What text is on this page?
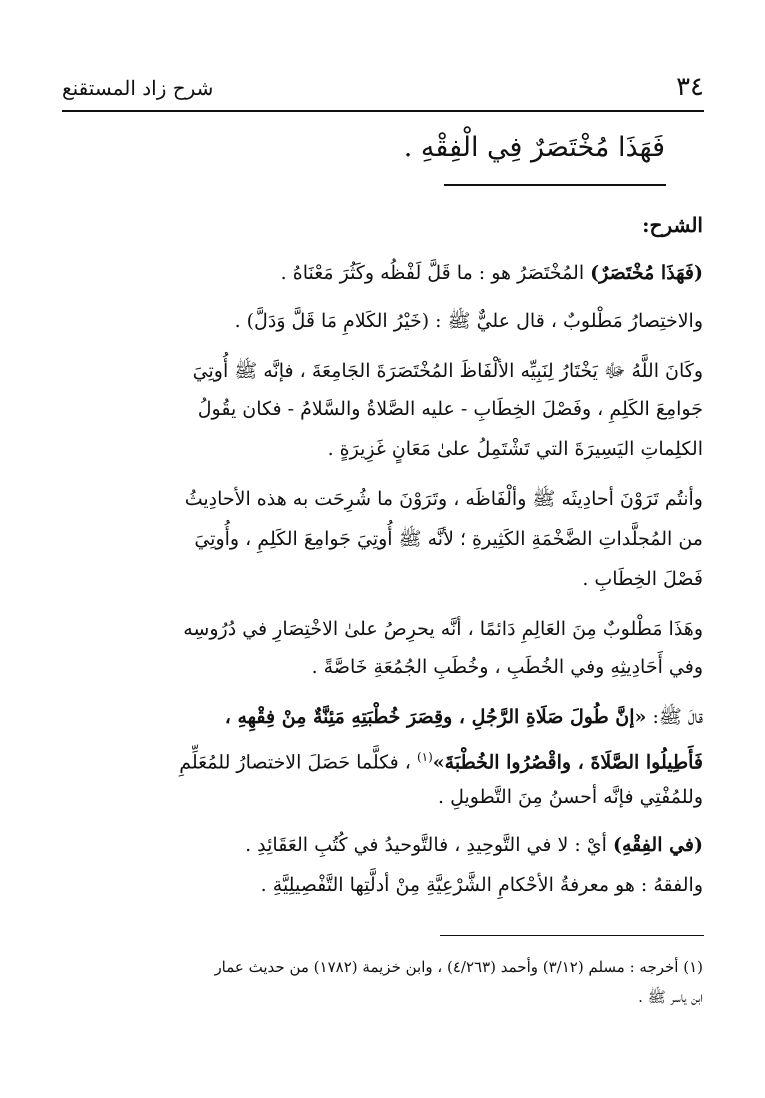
٣٤
شرح زاد المستقنع
فَهَذَا مُخْتَصَرٌ فِي الْفِقْهِ .
الشرح:
(فَهَذَا مُخْتَصَرٌ) المُخْتَصَرُ هو : ما قَلَّ لَفْظُه وكَثُرَ مَعْنَاهُ .
والاختِصارُ مَطْلوبٌ ، قال عليٌّ ﷺ : (خَيْرُ الكَلامِ مَا قَلَّ وَدَلَّ) .
وكَانَ اللَّهُ ﷻ يَخْتَارُ لِنَبِيِّه الألْفَاظَ المُخْتَصَرَةَ الجَامِعَةَ ، فإنَّه ﷺ أُوتِيَ
جَوامِعَ الكَلِمِ ، وفَصْلَ الخِطَابِ - عليه الصَّلاةُ والسَّلامُ - فكان يقُولُ
الكلِماتِ اليَسِيرَةَ التي تَشْتَمِلُ علىٰ مَعَانٍ غَزِيرَةٍ .
وأنتُم تَرَوْنَ أحادِيثَه ﷺ وألْفَاظَه ، وتَرَوْنَ ما شُرِحَت به هذه الأحادِيثُ
من المُجلَّداتِ الضَّخْمَةِ الكَثِيرةِ ؛ لأنَّه ﷺ أُوتِيَ جَوامِعَ الكَلِمِ ، وأُوتِيَ
فَصْلَ الخِطَابِ .
وهَذَا مَطْلوبٌ مِنَ العَالِمِ دَائمًا ، أنَّه يحرِصُ علىٰ الاخْتِصَارِ في دُرُوسِه
وفي أَحَادِيثِهِ وفي الخُطَبِ ، وخُطَبِ الجُمُعَةِ خَاصَّةً .
قالَ ﷺ: «إنَّ طُولَ صَلَاةِ الرَّجُلِ ، وقِصَرَ خُطْبَتِهِ مَئِنَّةٌ مِنْ فِقْهِهِ ،
فَأَطِيلُوا الصَّلَاةَ ، واقْصُرُوا الخُطْبَةَ»$^{(١)}$ ، فكلَّما حَصَلَ الاختصارُ للمُعَلِّمِ
وللمُفْتِي فإنَّه أحسنُ مِنَ التَّطويلِ .
(في الفِقْهِ) أيْ : لا في التَّوحِيدِ ، فالتَّوحيدُ في كُتُبِ العَقَائِدِ .
والفقهُ : هو معرفةُ الأحْكامِ الشَّرْعِيَّةِ مِنْ أدلَّتِها التَّفْصِيلِيَّةِ .
(١) أخرجه : مسلم (٣/١٢) وأحمد (٤/٢٦٣) ، وابن خزيمة (١٧٨٢) من حديث عمار
ابن ياسر ﷺ .
